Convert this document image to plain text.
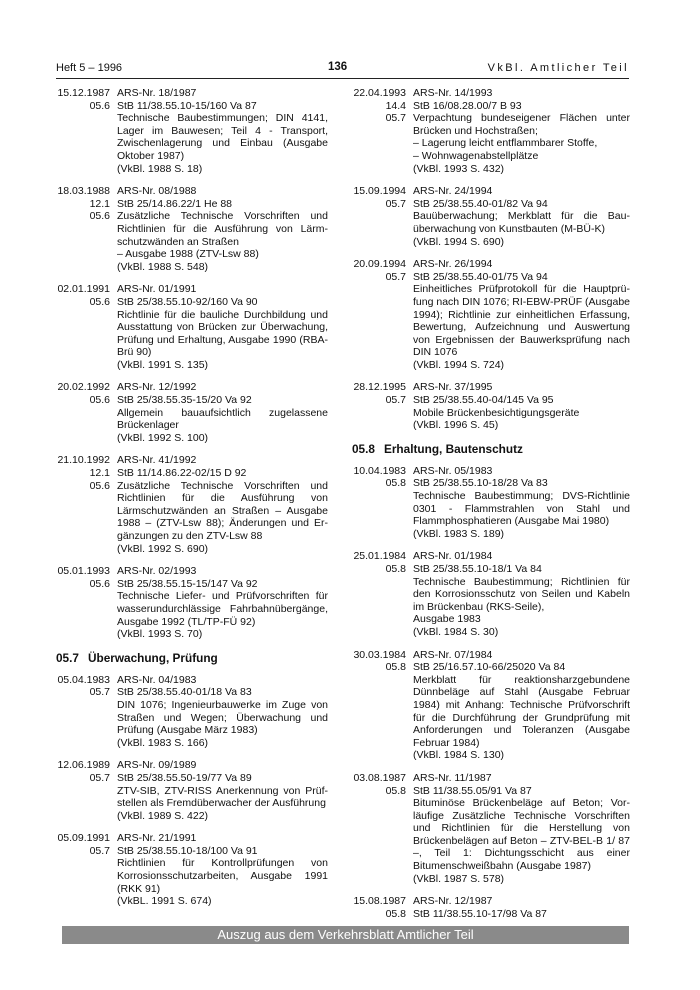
Heft 5 – 1996	136	VkBl. Amtlicher Teil
15.12.1987
05.6
ARS-Nr. 18/1987
StB 11/38.55.10-15/160 Va 87
Technische Baubestimmungen; DIN 4141, Lager im Bauwesen; Teil 4 - Transport, Zwischenlagerung und Einbau (Ausgabe Oktober 1987)
(VkBl. 1988 S. 18)
18.03.1988
12.1
05.6
ARS-Nr. 08/1988
StB 25/14.86.22/1 He 88
Zusätzliche Technische Vorschriften und Richtlinien für die Ausführung von Lärmschutzwänden an Straßen
– Ausgabe 1988 (ZTV-Lsw 88)
(VkBl. 1988 S. 548)
02.01.1991
05.6
ARS-Nr. 01/1991
StB 25/38.55.10-92/160 Va 90
Richtlinie für die bauliche Durchbildung und Ausstattung von Brücken zur Überwachung, Prüfung und Erhaltung, Ausgabe 1990 (RBA-Brü 90)
(VkBl. 1991 S. 135)
20.02.1992
05.6
ARS-Nr. 12/1992
StB 25/38.55.35-15/20 Va 92
Allgemein bauaufsichtlich zugelassene Brückenlager
(VkBl. 1992 S. 100)
21.10.1992
12.1
05.6
ARS-Nr. 41/1992
StB 11/14.86.22-02/15 D 92
Zusätzliche Technische Vorschriften und Richtlinien für die Ausführung von Lärmschutzwänden an Straßen – Ausgabe 1988 – (ZTV-Lsw 88); Änderungen und Ergänzungen zu den ZTV-Lsw 88
(VkBl. 1992 S. 690)
05.01.1993
05.6
ARS-Nr. 02/1993
StB 25/38.55.15-15/147 Va 92
Technische Liefer- und Prüfvorschriften für wasserundurchlässige Fahrbahnübergänge, Ausgabe 1992 (TL/TP-FÜ 92)
(VkBl. 1993 S. 70)
05.7 Überwachung, Prüfung
05.04.1983
05.7
ARS-Nr. 04/1983
StB 25/38.55.40-01/18 Va 83
DIN 1076; Ingenieurbauwerke im Zuge von Straßen und Wegen; Überwachung und Prüfung (Ausgabe März 1983)
(VkBl. 1983 S. 166)
12.06.1989
05.7
ARS-Nr. 09/1989
StB 25/38.55.50-19/77 Va 89
ZTV-SIB, ZTV-RISS Anerkennung von Prüfstellen als Fremdüberwacher der Ausführung
(VkBl. 1989 S. 422)
05.09.1991
05.7
ARS-Nr. 21/1991
StB 25/38.55.10-18/100 Va 91
Richtlinien für Kontrollprüfungen von Korrosionsschutzarbeiten, Ausgabe 1991 (RKK 91)
(VkBL. 1991 S. 674)
22.04.1993
14.4
05.7
ARS-Nr. 14/1993
StB 16/08.28.00/7 B 93
Verpachtung bundeseigener Flächen unter Brücken und Hochstraßen;
– Lagerung leicht entflammbarer Stoffe,
– Wohnwagenabstellplätze
(VkBl. 1993 S. 432)
15.09.1994
05.7
ARS-Nr. 24/1994
StB 25/38.55.40-01/82 Va 94
Bauüberwachung; Merkblatt für die Bauüberwachung von Kunstbauten (M-BÜ-K)
(VkBl. 1994 S. 690)
20.09.1994
05.7
ARS-Nr. 26/1994
StB 25/38.55.40-01/75 Va 94
Einheitliches Prüfprotokoll für die Hauptprüfung nach DIN 1076; RI-EBW-PRÜF (Ausgabe 1994); Richtlinie zur einheitlichen Erfassung, Bewertung, Aufzeichnung und Auswertung von Ergebnissen der Bauwerksprüfung nach DIN 1076
(VkBl. 1994 S. 724)
28.12.1995
05.7
ARS-Nr. 37/1995
StB 25/38.55.40-04/145 Va 95
Mobile Brückenbesichtigungsgeräte
(VkBl. 1996 S. 45)
05.8 Erhaltung, Bautenschutz
10.04.1983
05.8
ARS-Nr. 05/1983
StB 25/38.55.10-18/28 Va 83
Technische Baubestimmung; DVS-Richtlinie 0301 - Flammstrahlen von Stahl und Flammphosphatieren (Ausgabe Mai 1980)
(VkBl. 1983 S. 189)
25.01.1984
05.8
ARS-Nr. 01/1984
StB 25/38.55.10-18/1 Va 84
Technische Baubestimmung; Richtlinien für den Korrosionsschutz von Seilen und Kabeln im Brückenbau (RKS-Seile),
Ausgabe 1983
(VkBl. 1984 S. 30)
30.03.1984
05.8
ARS-Nr. 07/1984
StB 25/16.57.10-66/25020 Va 84
Merkblatt für reaktionsharzgebundene Dünnbeläge auf Stahl (Ausgabe Februar 1984) mit Anhang: Technische Prüfvorschrift für die Durchführung der Grundprüfung mit Anforderungen und Toleranzen (Ausgabe Februar 1984)
(VkBl. 1984 S. 130)
03.08.1987
05.8
ARS-Nr. 11/1987
StB 11/38.55.05/91 Va 87
Bituminöse Brückenbeläge auf Beton; Vorläufige Zusätzliche Technische Vorschriften und Richtlinien für die Herstellung von Brückenbelägen auf Beton – ZTV-BEL-B 1/ 87 –, Teil 1: Dichtungsschicht aus einer Bitumenschweißbahn (Ausgabe 1987)
(VkBl. 1987 S. 578)
15.08.1987
05.8
ARS-Nr. 12/1987
StB 11/38.55.10-17/98 Va 87
Auszug aus dem Verkehrsblatt Amtlicher Teil
